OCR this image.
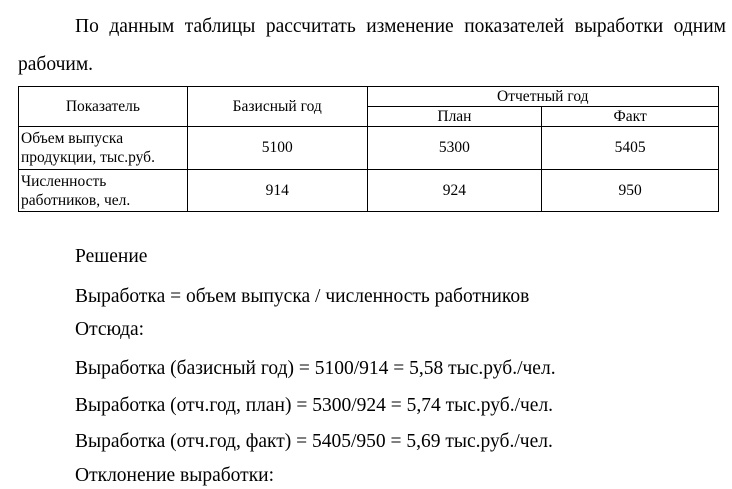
По данным таблицы рассчитать изменение показателей выработки одним рабочим.
Показатель	Базисный год	Отчетный год	
		План	Факт
Объем выпуска продукции, тыс.руб.	5100	5300	5405
Численность работников, чел.	914	924	950

Решение

Выработка = объем выпуска / численность работников

Отсюда:

Выработка (базисный год) = 5100/914 = 5,58 тыс.руб./чел.

Выработка (отч.год, план) = 5300/924 = 5,74 тыс.руб./чел.

Выработка (отч.год, факт) = 5405/950 = 5,69 тыс.руб./чел.

Отклонение выработки:
